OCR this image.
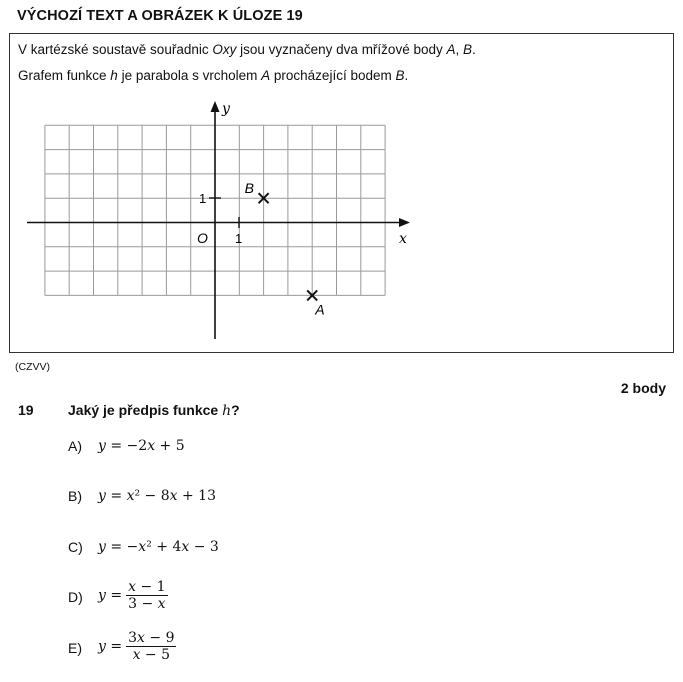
VÝCHOZÍ TEXT A OBRÁZEK K ÚLOZE 19
V kartézské soustavě souřadnic Oxy jsou vyznačeny dva mřížové body A, B.
Grafem funkce h je parabola s vrcholem A procházející bodem B.
y
x
O 1
1
B
A
(CZVV)
2 body
19 Jaký je předpis funkce h?
A)	y = −2x + 5
B)	y = x² − 8x + 13
C)	y = −x² + 4x − 3
D)	$y = \frac{x - 1}{3 - x}$
E)	$y = \frac{3x - 9}{x - 5}$
